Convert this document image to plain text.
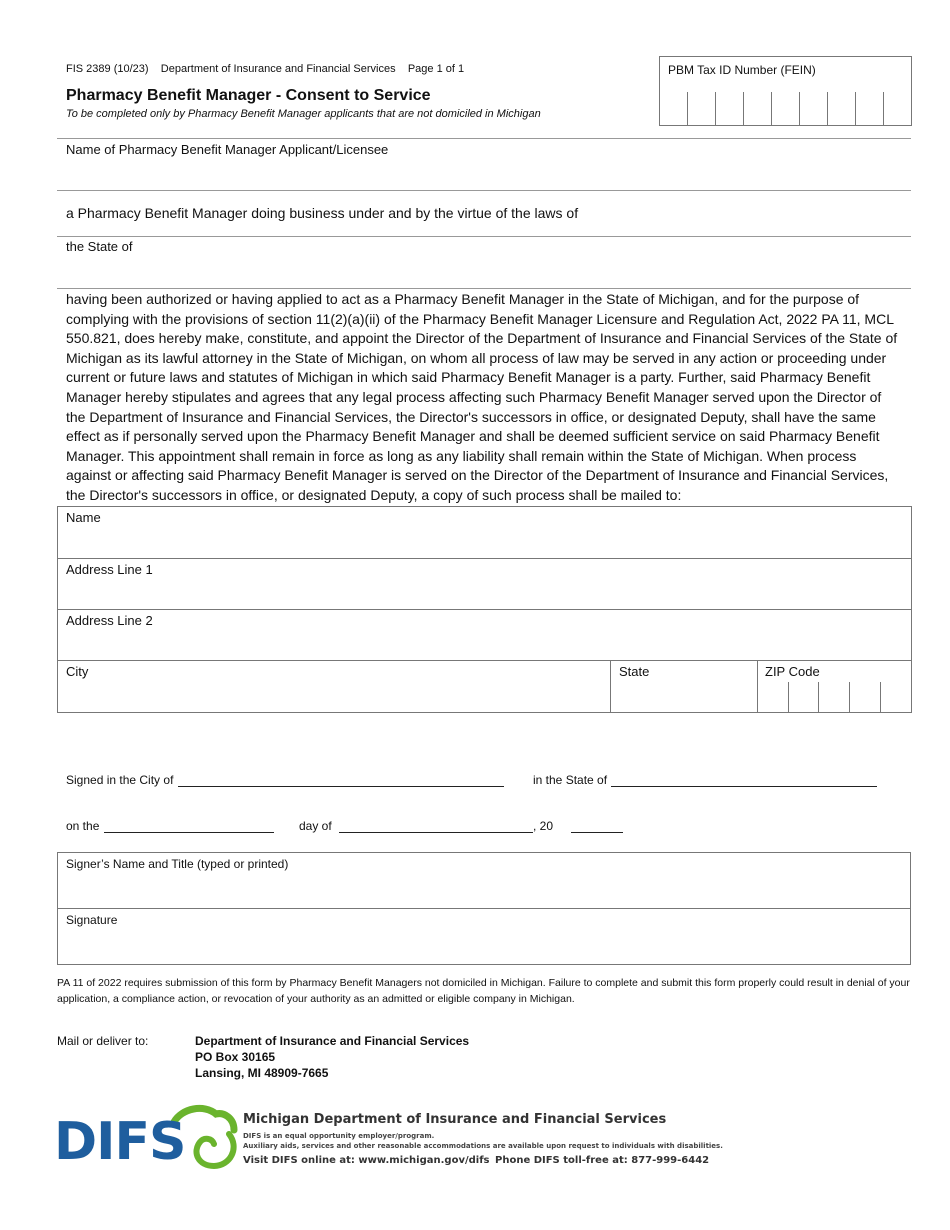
FIS 2389 (10/23) Department of Insurance and Financial Services Page 1 of 1
Pharmacy Benefit Manager - Consent to Service
To be completed only by Pharmacy Benefit Manager applicants that are not domiciled in Michigan
PBM Tax ID Number (FEIN)
Name of Pharmacy Benefit Manager Applicant/Licensee
a Pharmacy Benefit Manager doing business under and by the virtue of the laws of
the State of
having been authorized or having applied to act as a Pharmacy Benefit Manager in the State of Michigan, and for the purpose of
complying with the provisions of section 11(2)(a)(ii) of the Pharmacy Benefit Manager Licensure and Regulation Act, 2022 PA 11, MCL
550.821, does hereby make, constitute, and appoint the Director of the Department of Insurance and Financial Services of the State of
Michigan as its lawful attorney in the State of Michigan, on whom all process of law may be served in any action or proceeding under
current or future laws and statutes of Michigan in which said Pharmacy Benefit Manager is a party. Further, said Pharmacy Benefit
Manager hereby stipulates and agrees that any legal process affecting such Pharmacy Benefit Manager served upon the Director of
the Department of Insurance and Financial Services, the Director's successors in office, or designated Deputy, shall have the same
effect as if personally served upon the Pharmacy Benefit Manager and shall be deemed sufficient service on said Pharmacy Benefit
Manager. This appointment shall remain in force as long as any liability shall remain within the State of Michigan. When process
against or affecting said Pharmacy Benefit Manager is served on the Director of the Department of Insurance and Financial Services,
the Director's successors in office, or designated Deputy, a copy of such process shall be mailed to:
Name
Address Line 1
Address Line 2
City	State	ZIP Code
Signed in the City of	in the State of
on the	day of	, 20
Signer’s Name and Title (typed or printed)
Signature
PA 11 of 2022 requires submission of this form by Pharmacy Benefit Managers not domiciled in Michigan. Failure to complete and submit this form properly could result in denial of your
application, a compliance action, or revocation of your authority as an admitted or eligible company in Michigan.
Mail or deliver to:	Department of Insurance and Financial Services
PO Box 30165
Lansing, MI 48909-7665
DIFS	Michigan Department of Insurance and Financial Services
DIFS is an equal opportunity employer/program.
Auxiliary aids, services and other reasonable accommodations are available upon request to individuals with disabilities.
Visit DIFS online at: www.michigan.gov/difs Phone DIFS toll-free at: 877-999-6442
